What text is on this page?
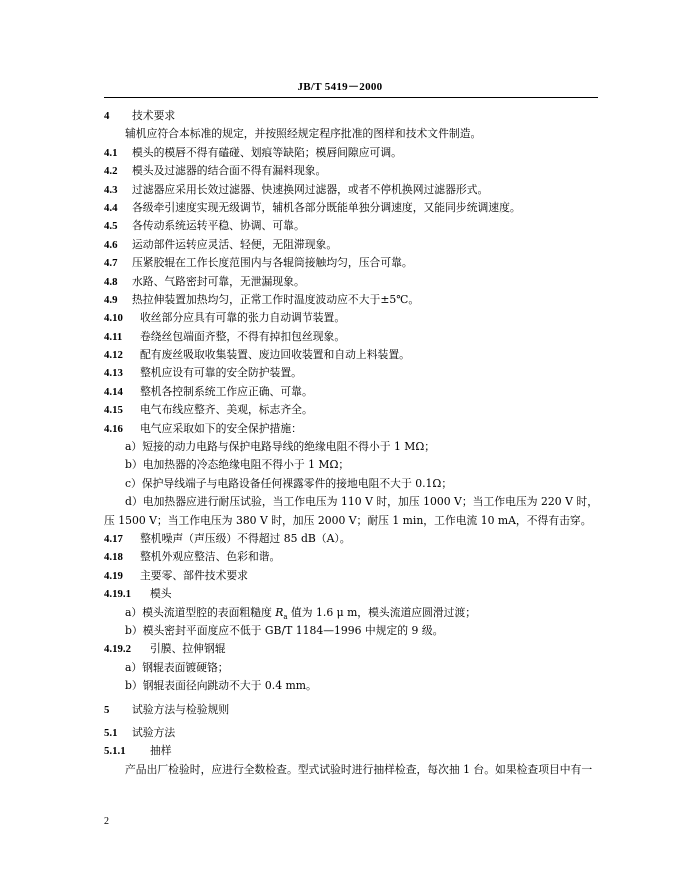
JB/T 5419－2000
4 技术要求
辅机应符合本标准的规定，并按照经规定程序批准的图样和技术文件制造。
4.1 模头的模唇不得有磕碰、划痕等缺陷；模唇间隙应可调。
4.2 模头及过滤器的结合面不得有漏料现象。
4.3 过滤器应采用长效过滤器、快速换网过滤器，或者不停机换网过滤器形式。
4.4 各级牵引速度实现无级调节，辅机各部分既能单独分调速度，又能同步统调速度。
4.5 各传动系统运转平稳、协调、可靠。
4.6 运动部件运转应灵活、轻便，无阻滞现象。
4.7 压紧胶辊在工作长度范围内与各辊筒接触均匀，压合可靠。
4.8 水路、气路密封可靠，无泄漏现象。
4.9 热拉伸装置加热均匀，正常工作时温度波动应不大于±5℃。
4.10 收丝部分应具有可靠的张力自动调节装置。
4.11 卷绕丝包端面齐整，不得有掉扣包丝现象。
4.12 配有废丝吸取收集装置、废边回收装置和自动上料装置。
4.13 整机应设有可靠的安全防护装置。
4.14 整机各控制系统工作应正确、可靠。
4.15 电气布线应整齐、美观，标志齐全。
4.16 电气应采取如下的安全保护措施：
a）短接的动力电路与保护电路导线的绝缘电阻不得小于 1 MΩ；
b）电加热器的冷态绝缘电阻不得小于 1 MΩ；
c）保护导线端子与电路设备任何裸露零件的接地电阻不大于 0.1Ω；
d）电加热器应进行耐压试验，当工作电压为 110 V 时，加压 1000 V；当工作电压为 220 V 时，
压 1500 V；当工作电压为 380 V 时，加压 2000 V；耐压 1 min，工作电流 10 mA，不得有击穿。
4.17 整机噪声（声压级）不得超过 85 dB（A）。
4.18 整机外观应整洁、色彩和谐。
4.19 主要零、部件技术要求
4.19.1 模头
a）模头流道型腔的表面粗糙度 $R_a$ 值为 1.6 μ m，模头流道应圆滑过渡；
b）模头密封平面度应不低于 GB/T 1184—1996 中规定的 9 级。
4.19.2 引膜、拉伸钢辊
a）钢辊表面镀硬铬；
b）钢辊表面径向跳动不大于 0.4 mm。
5 试验方法与检验规则
5.1 试验方法
5.1.1 抽样
产品出厂检验时，应进行全数检查。型式试验时进行抽样检查，每次抽 1 台。如果检查项目中有一
2
